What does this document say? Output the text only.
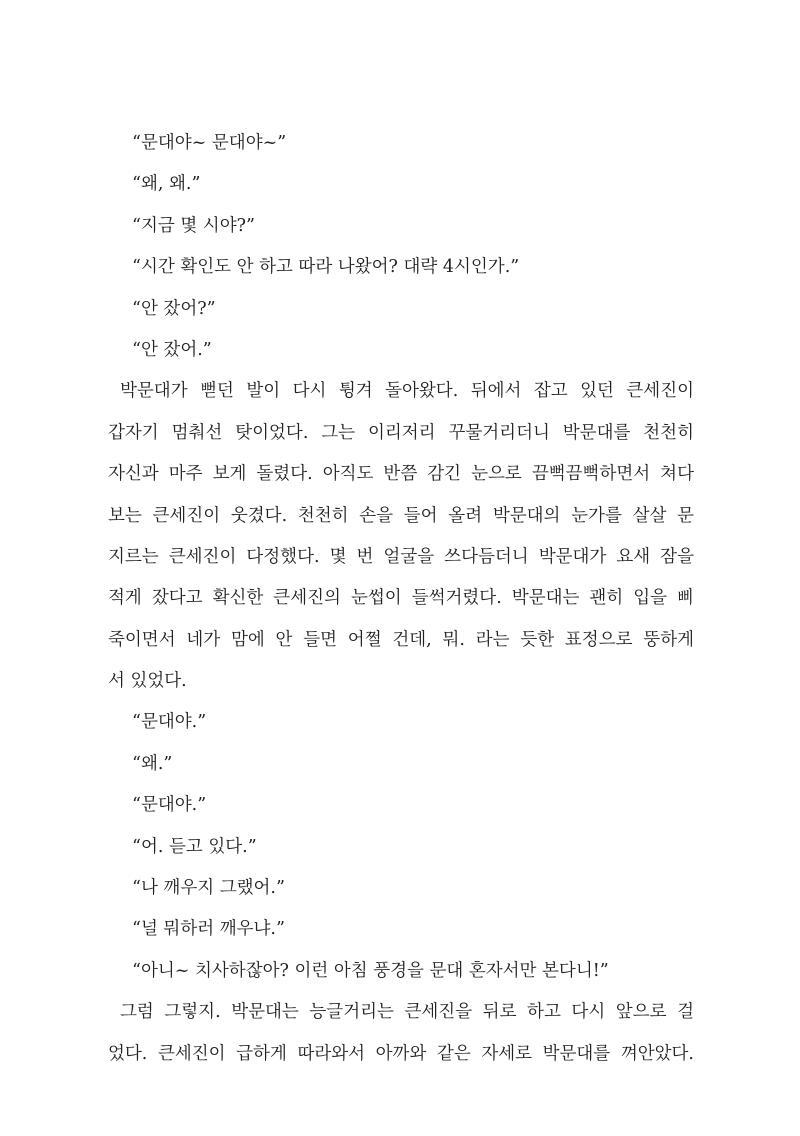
“문대야~ 문대야~”
“왜, 왜.”
“지금 몇 시야?”
“시간 확인도 안 하고 따라 나왔어? 대략 4시인가.”
“안 잤어?”
“안 잤어.”
박문대가 뻗던 발이 다시 튕겨 돌아왔다. 뒤에서 잡고 있던 큰세진이
갑자기 멈춰선 탓이었다. 그는 이리저리 꾸물거리더니 박문대를 천천히
자신과 마주 보게 돌렸다. 아직도 반쯤 감긴 눈으로 끔뻑끔뻑하면서 쳐다
보는 큰세진이 웃겼다. 천천히 손을 들어 올려 박문대의 눈가를 살살 문
지르는 큰세진이 다정했다. 몇 번 얼굴을 쓰다듬더니 박문대가 요새 잠을
적게 잤다고 확신한 큰세진의 눈썹이 들썩거렸다. 박문대는 괜히 입을 삐
죽이면서 네가 맘에 안 들면 어쩔 건데, 뭐. 라는 듯한 표정으로 뚱하게
서 있었다.
“문대야.”
“왜.”
“문대야.”
“어. 듣고 있다.”
“나 깨우지 그랬어.”
“널 뭐하러 깨우냐.”
“아니~ 치사하잖아? 이런 아침 풍경을 문대 혼자서만 본다니!”
그럼 그렇지. 박문대는 능글거리는 큰세진을 뒤로 하고 다시 앞으로 걸
었다. 큰세진이 급하게 따라와서 아까와 같은 자세로 박문대를 껴안았다.
